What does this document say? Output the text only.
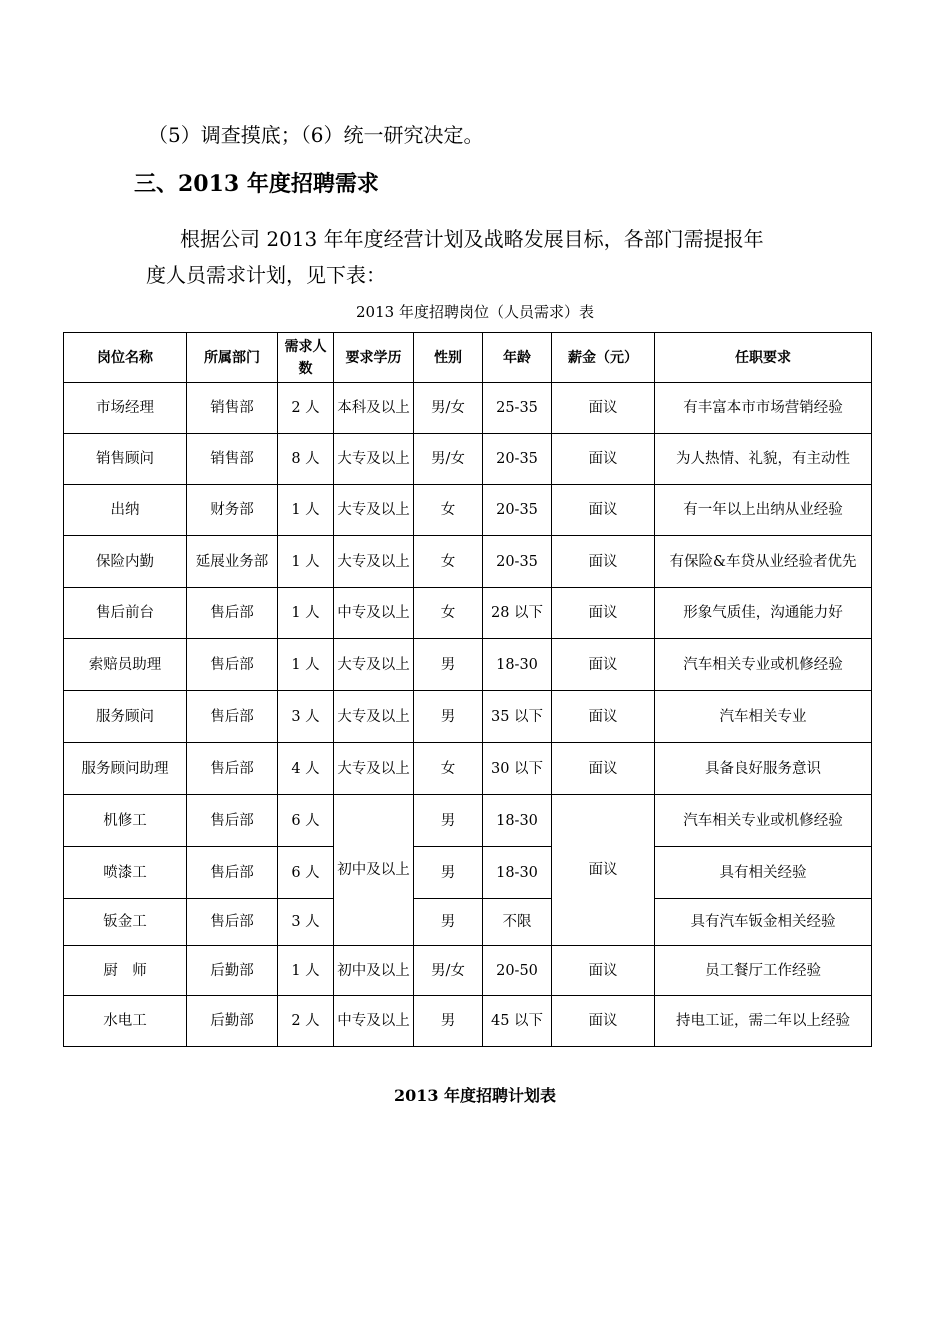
（5）调查摸底；（6）统一研究决定。
三、2013 年度招聘需求
根据公司 2013 年年度经营计划及战略发展目标，各部门需提报年
度人员需求计划，见下表：
2013 年度招聘岗位（人员需求）表
岗位名称	所属部门	需求人数	要求学历	性别	年龄	薪金（元）	任职要求
市场经理	销售部	2 人	本科及以上	男/女	25-35	面议	有丰富本市市场营销经验
销售顾问	销售部	8 人	大专及以上	男/女	20-35	面议	为人热情、礼貌，有主动性
出纳	财务部	1 人	大专及以上	女	20-35	面议	有一年以上出纳从业经验
保险内勤	延展业务部	1 人	大专及以上	女	20-35	面议	有保险&车贷从业经验者优先
售后前台	售后部	1 人	中专及以上	女	28 以下	面议	形象气质佳，沟通能力好
索赔员助理	售后部	1 人	大专及以上	男	18-30	面议	汽车相关专业或机修经验
服务顾问	售后部	3 人	大专及以上	男	35 以下	面议	汽车相关专业
服务顾问助理	售后部	4 人	大专及以上	女	30 以下	面议	具备良好服务意识
机修工	售后部	6 人	初中及以上	男	18-30	面议	汽车相关专业或机修经验
喷漆工	售后部	6 人		男	18-30		具有相关经验
钣金工	售后部	3 人		男	不限		具有汽车钣金相关经验
厨　师	后勤部	1 人	初中及以上	男/女	20-50	面议	员工餐厅工作经验
水电工	后勤部	2 人	中专及以上	男	45 以下	面议	持电工证，需二年以上经验
2013 年度招聘计划表
